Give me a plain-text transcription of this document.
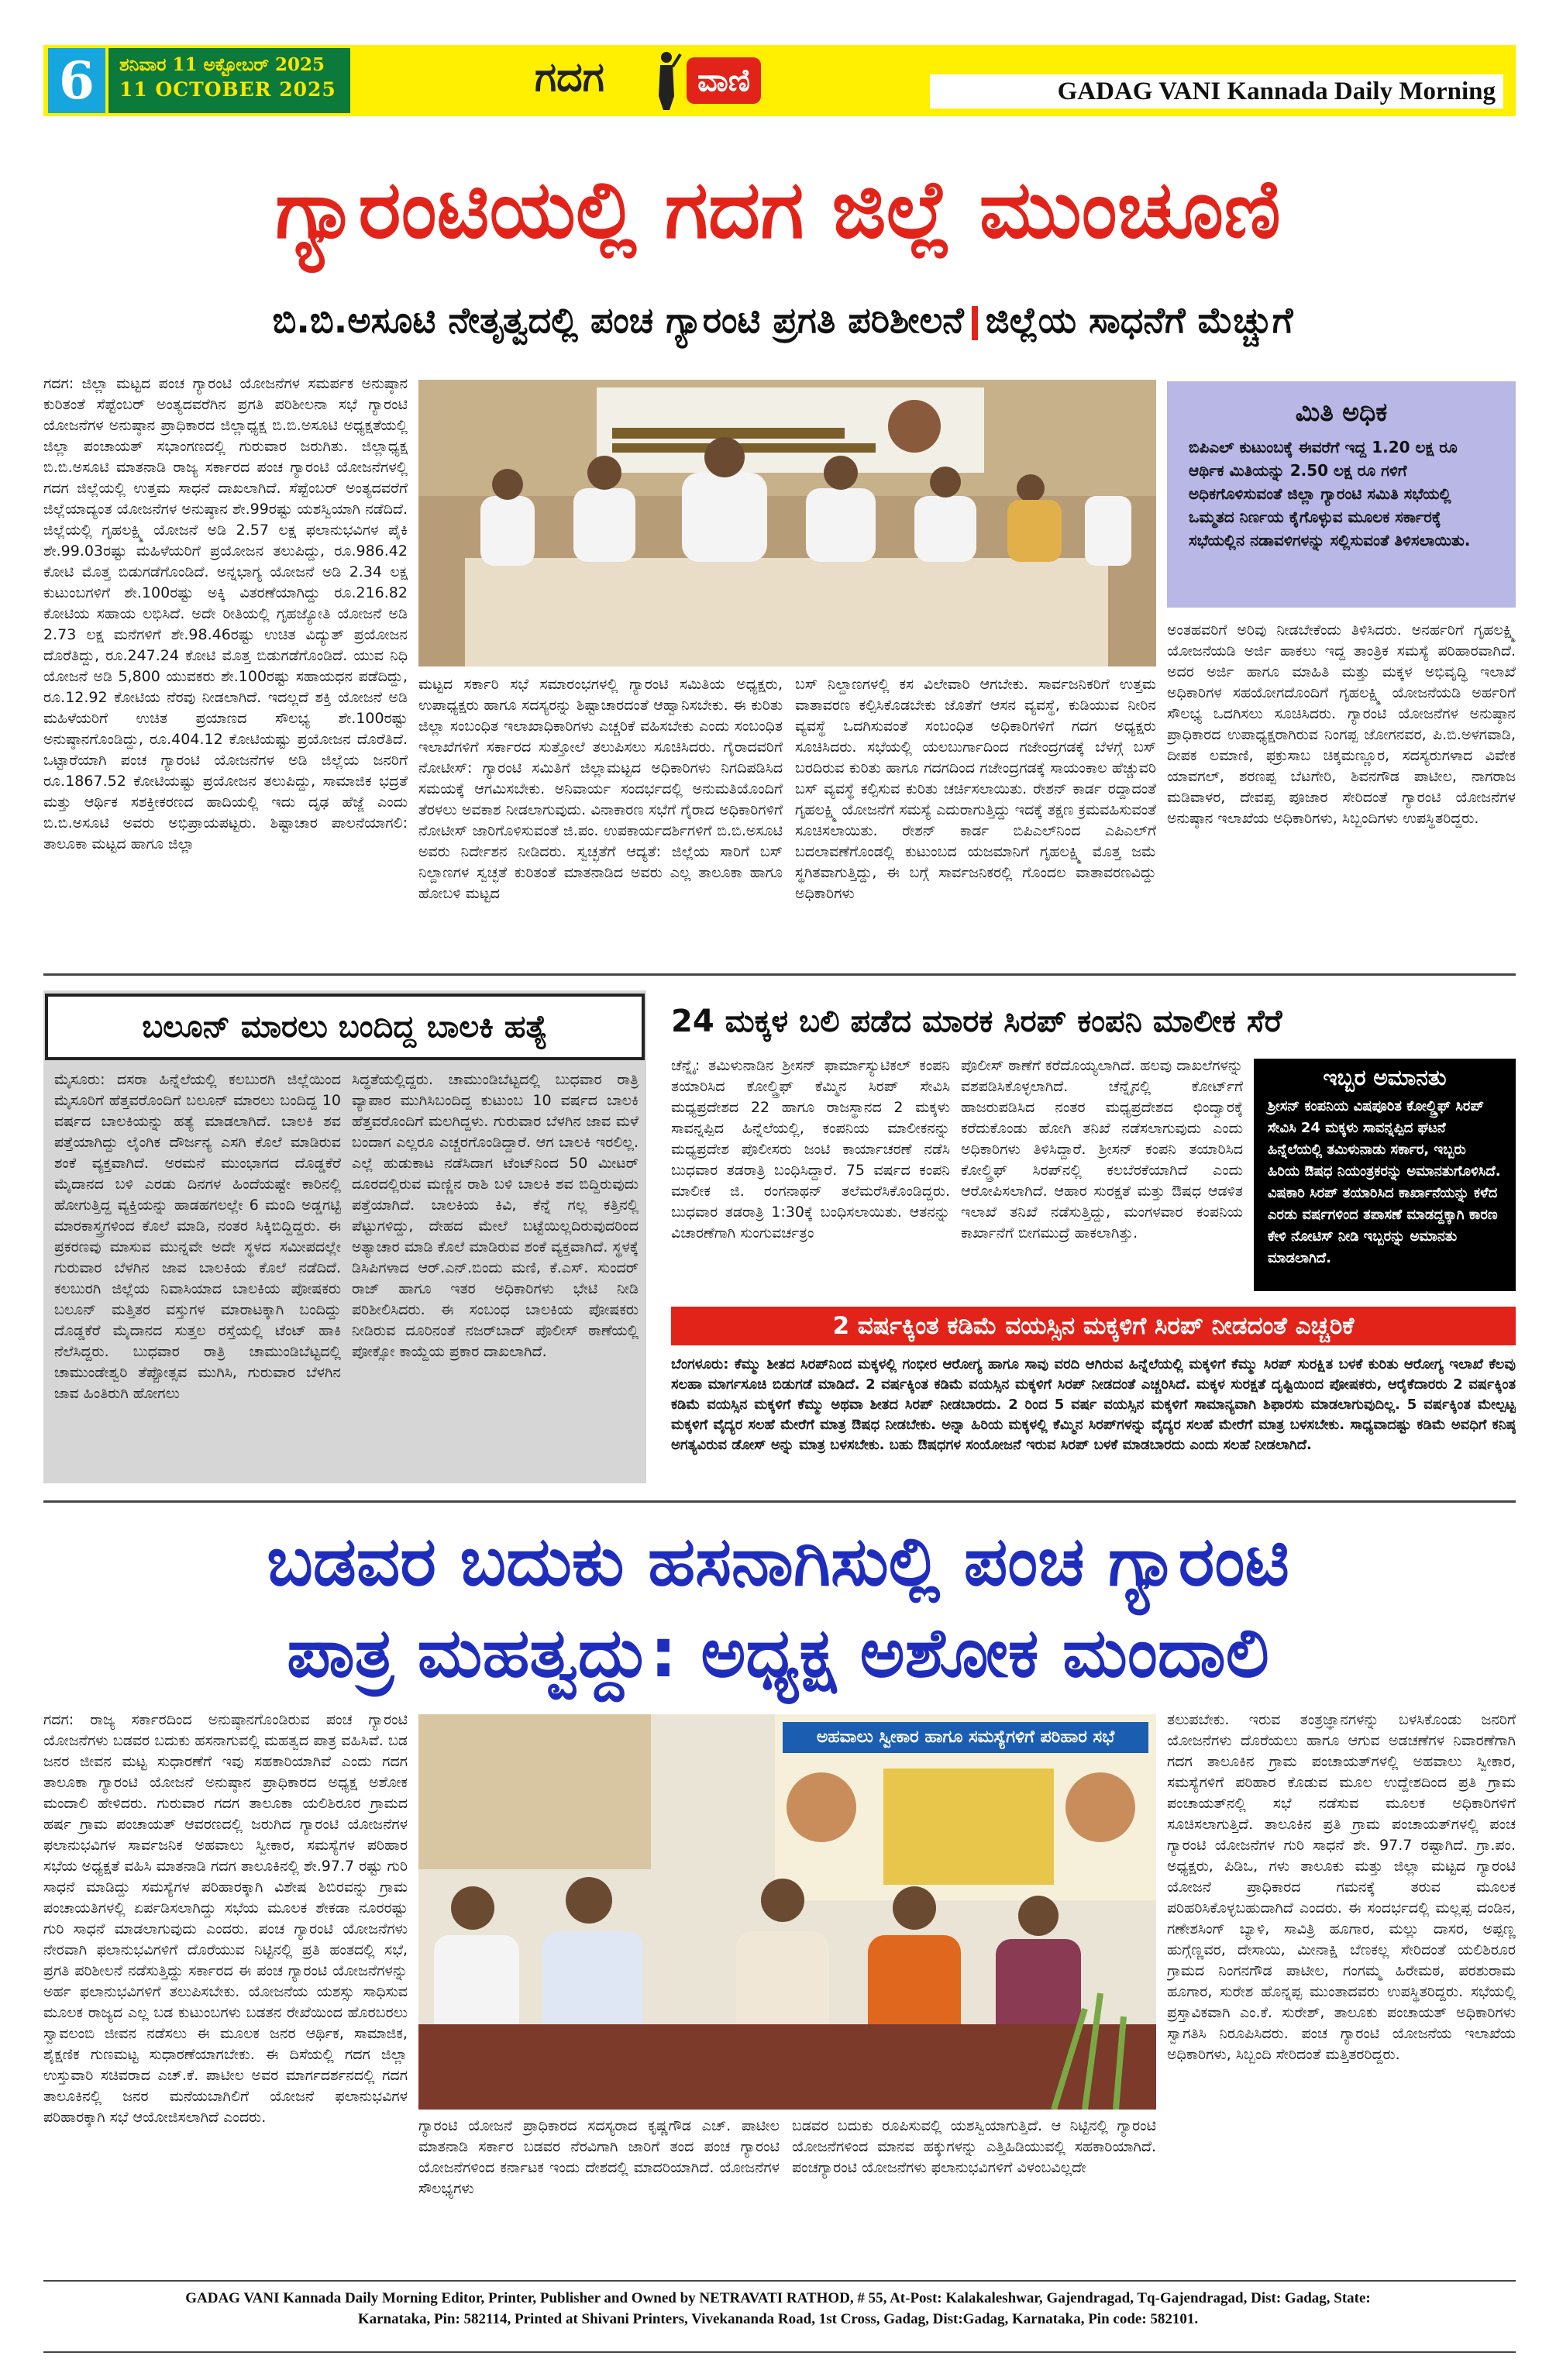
6	ಶನಿವಾರ 11 ಅಕ್ಟೋಬರ್ 2025
11 OCTOBER 2025	ಗದಗ	ವಾಣಿ	GADAG VANI Kannada Daily Morning
ಗ್ಯಾರಂಟಿಯಲ್ಲಿ ಗದಗ ಜಿಲ್ಲೆ ಮುಂಚೂಣಿ
ಬಿ.ಬಿ.ಅಸೂಟಿ ನೇತೃತ್ವದಲ್ಲಿ ಪಂಚ ಗ್ಯಾರಂಟಿ ಪ್ರಗತಿ ಪರಿಶೀಲನೆ ಜಿಲ್ಲೆಯ ಸಾಧನೆಗೆ ಮೆಚ್ಚುಗೆ
ಗದಗ: ಜಿಲ್ಲಾ ಮಟ್ಟದ ಪಂಚ ಗ್ಯಾರಂಟಿ ಯೋಜನೆಗಳ ಸಮರ್ಪಕ ಅನುಷ್ಠಾನ ಕುರಿತಂತೆ ಸೆಪ್ಟೆಂಬರ್ ಅಂತ್ಯದವರೆಗಿನ ಪ್ರಗತಿ ಪರಿಶೀಲನಾ ಸಭೆ ಗ್ಯಾರಂಟಿ ಯೋಜನೆಗಳ ಅನುಷ್ಠಾನ ಪ್ರಾಧಿಕಾರದ ಜಿಲ್ಲಾಧ್ಯಕ್ಷ ಬಿ.ಬಿ.ಅಸೂಟಿ ಅಧ್ಯಕ್ಷತೆಯಲ್ಲಿ ಜಿಲ್ಲಾ ಪಂಚಾಯತ್ ಸಭಾಂಗಣದಲ್ಲಿ ಗುರುವಾರ ಜರುಗಿತು. ಜಿಲ್ಲಾಧ್ಯಕ್ಷ ಬಿ.ಬಿ.ಅಸೂಟಿ ಮಾತನಾಡಿ ರಾಜ್ಯ ಸರ್ಕಾರದ ಪಂಚ ಗ್ಯಾರಂಟಿ ಯೋಜನೆಗಳಲ್ಲಿ ಗದಗ ಜಿಲ್ಲೆಯಲ್ಲಿ ಉತ್ತಮ ಸಾಧನೆ ದಾಖಲಾಗಿದೆ. ಸೆಪ್ಟೆಂಬರ್ ಅಂತ್ಯದವರೆಗೆ ಜಿಲ್ಲೆಯಾದ್ಯಂತ ಯೋಜನೆಗಳ ಅನುಷ್ಠಾನ ಶೇ.99ರಷ್ಟು ಯಶಸ್ವಿಯಾಗಿ ನಡೆದಿದೆ. ಜಿಲ್ಲೆಯಲ್ಲಿ ಗೃಹಲಕ್ಷ್ಮಿ ಯೋಜನೆ ಅಡಿ 2.57 ಲಕ್ಷ ಫಲಾನುಭವಿಗಳ ಪೈಕಿ ಶೇ.99.03ರಷ್ಟು ಮಹಿಳೆಯರಿಗೆ ಪ್ರಯೋಜನ ತಲುಪಿದ್ದು, ರೂ.986.42 ಕೋಟಿ ಮೊತ್ತ ಬಿಡುಗಡೆಗೊಂಡಿದೆ. ಅನ್ನಭಾಗ್ಯ ಯೋಜನೆ ಅಡಿ 2.34 ಲಕ್ಷ ಕುಟುಂಬಗಳಿಗೆ ಶೇ.100ರಷ್ಟು ಅಕ್ಕಿ ವಿತರಣೆಯಾಗಿದ್ದು ರೂ.216.82 ಕೋಟಿಯ ಸಹಾಯ ಲಭಿಸಿದೆ. ಅದೇ ರೀತಿಯಲ್ಲಿ ಗೃಹಜ್ಯೋತಿ ಯೋಜನೆ ಅಡಿ 2.73 ಲಕ್ಷ ಮನೆಗಳಿಗೆ ಶೇ.98.46ರಷ್ಟು ಉಚಿತ ವಿದ್ಯುತ್ ಪ್ರಯೋಜನ ದೊರೆತಿದ್ದು, ರೂ.247.24 ಕೋಟಿ ಮೊತ್ತ ಬಿಡುಗಡೆಗೊಂಡಿದೆ. ಯುವ ನಿಧಿ ಯೋಜನೆ ಅಡಿ 5,800 ಯುವಕರು ಶೇ.100ರಷ್ಟು ಸಹಾಯಧನ ಪಡೆದಿದ್ದು, ರೂ.12.92 ಕೋಟಿಯ ನೆರವು ನೀಡಲಾಗಿದೆ. ಇದಲ್ಲದೆ ಶಕ್ತಿ ಯೋಜನೆ ಅಡಿ ಮಹಿಳೆಯರಿಗೆ ಉಚಿತ ಪ್ರಯಾಣದ ಸೌಲಭ್ಯ ಶೇ.100ರಷ್ಟು ಅನುಷ್ಠಾನಗೊಂಡಿದ್ದು, ರೂ.404.12 ಕೋಟಿಯಷ್ಟು ಪ್ರಯೋಜನ ದೊರೆತಿದೆ. ಒಟ್ಟಾರೆಯಾಗಿ ಪಂಚ ಗ್ಯಾರಂಟಿ ಯೋಜನೆಗಳ ಅಡಿ ಜಿಲ್ಲೆಯ ಜನರಿಗೆ ರೂ.1867.52 ಕೋಟಿಯಷ್ಟು ಪ್ರಯೋಜನ ತಲುಪಿದ್ದು, ಸಾಮಾಜಿಕ ಭದ್ರತೆ ಮತ್ತು ಆರ್ಥಿಕ ಸಶಕ್ತೀಕರಣದ ಹಾದಿಯಲ್ಲಿ ಇದು ದೃಢ ಹೆಜ್ಜೆ ಎಂದು ಬಿ.ಬಿ.ಅಸೂಟಿ ಅವರು ಅಭಿಪ್ರಾಯಪಟ್ಟರು. ಶಿಷ್ಟಾಚಾರ ಪಾಲನೆಯಾಗಲಿ: ತಾಲೂಕಾ ಮಟ್ಟದ ಹಾಗೂ ಜಿಲ್ಲಾ
ಮಿತಿ ಅಧಿಕ
ಬಿಪಿಎಲ್ ಕುಟುಂಬಕ್ಕೆ ಈವರೆಗೆ ಇದ್ದ 1.20 ಲಕ್ಷ ರೂ ಆರ್ಥಿಕ ಮಿತಿಯನ್ನು 2.50 ಲಕ್ಷ ರೂ ಗಳಿಗೆ ಅಧಿಕಗೊಳಿಸುವಂತೆ ಜಿಲ್ಲಾ ಗ್ಯಾರಂಟಿ ಸಮಿತಿ ಸಭೆಯಲ್ಲಿ ಒಮ್ಮತದ ನಿರ್ಣಯ ಕೈಗೊಳ್ಳುವ ಮೂಲಕ ಸರ್ಕಾರಕ್ಕೆ ಸಭೆಯಲ್ಲಿನ ನಡಾವಳಿಗಳನ್ನು ಸಲ್ಲಿಸುವಂತೆ ತಿಳಿಸಲಾಯಿತು.
ಮಟ್ಟದ ಸರ್ಕಾರಿ ಸಭೆ ಸಮಾರಂಭಗಳಲ್ಲಿ ಗ್ಯಾರಂಟಿ ಸಮಿತಿಯ ಅಧ್ಯಕ್ಷರು, ಉಪಾಧ್ಯಕ್ಷರು ಹಾಗೂ ಸದಸ್ಯರನ್ನು ಶಿಷ್ಟಾಚಾರದಂತೆ ಆಹ್ವಾನಿಸಬೇಕು. ಈ ಕುರಿತು ಜಿಲ್ಲಾ ಸಂಬಂಧಿತ ಇಲಾಖಾಧಿಕಾರಿಗಳು ಎಚ್ಚರಿಕೆ ವಹಿಸಬೇಕು ಎಂದು ಸಂಬಂಧಿತ ಇಲಾಖೆಗಳಿಗೆ ಸರ್ಕಾರದ ಸುತ್ತೋಲೆ ತಲುಪಿಸಲು ಸೂಚಿಸಿದರು. ಗೈರಾದವರಿಗೆ ನೋಟೀಸ್: ಗ್ಯಾರಂಟಿ ಸಮಿತಿಗೆ ಜಿಲ್ಲಾಮಟ್ಟದ ಅಧಿಕಾರಿಗಳು ನಿಗದಿಪಡಿಸಿದ ಸಮಯಕ್ಕೆ ಆಗಮಿಸಬೇಕು. ಅನಿವಾರ್ಯ ಸಂದರ್ಭದಲ್ಲಿ ಅನುಮತಿಯೊಂದಿಗೆ ತೆರಳಲು ಅವಕಾಶ ನೀಡಲಾಗುವುದು. ವಿನಾಕಾರಣ ಸಭೆಗೆ ಗೈರಾದ ಅಧಿಕಾರಿಗಳಿಗೆ ನೋಟೀಸ್ ಜಾರಿಗೊಳಿಸುವಂತೆ ಜಿ.ಪಂ. ಉಪಕಾರ್ಯದರ್ಶಿಗಳಿಗೆ ಬಿ.ಬಿ.ಅಸೂಟಿ ಅವರು ನಿರ್ದೇಶನ ನೀಡಿದರು. ಸ್ವಚ್ಛತೆಗೆ ಆದ್ಯತೆ: ಜಿಲ್ಲೆಯ ಸಾರಿಗೆ ಬಸ್ ನಿಲ್ದಾಣಗಳ ಸ್ವಚ್ಛತೆ ಕುರಿತಂತೆ ಮಾತನಾಡಿದ ಅವರು ಎಲ್ಲ ತಾಲೂಕಾ ಹಾಗೂ ಹೋಬಳಿ ಮಟ್ಟದ
ಬಸ್ ನಿಲ್ದಾಣಗಳಲ್ಲಿ ಕಸ ವಿಲೇವಾರಿ ಆಗಬೇಕು. ಸಾರ್ವಜನಿಕರಿಗೆ ಉತ್ತಮ ವಾತಾವರಣ ಕಲ್ಪಿಸಿಕೊಡಬೇಕು ಜೊತೆಗೆ ಆಸನ ವ್ಯವಸ್ಥೆ, ಕುಡಿಯುವ ನೀರಿನ ವ್ಯವಸ್ಥೆ ಒದಗಿಸುವಂತೆ ಸಂಬಂಧಿತ ಅಧಿಕಾರಿಗಳಿಗೆ ಗದಗ ಅಧ್ಯಕ್ಷರು ಸೂಚಿಸಿದರು. ಸಭೆಯಲ್ಲಿ ಯಲಬುರ್ಗಾದಿಂದ ಗಜೇಂದ್ರಗಡಕ್ಕೆ ಬೆಳಗ್ಗೆ ಬಸ್ ಬರದಿರುವ ಕುರಿತು ಹಾಗೂ ಗದಗದಿಂದ ಗಜೇಂದ್ರಗಡಕ್ಕೆ ಸಾಯಂಕಾಲ ಹೆಚ್ಚುವರಿ ಬಸ್ ವ್ಯವಸ್ಥೆ ಕಲ್ಪಿಸುವ ಕುರಿತು ಚರ್ಚಿಸಲಾಯಿತು. ರೇಶನ್ ಕಾರ್ಡ ರದ್ದಾದಂತೆ ಗೃಹಲಕ್ಷ್ಮಿ ಯೋಜನೆಗೆ ಸಮಸ್ಯೆ ಎದುರಾಗುತ್ತಿದ್ದು ಇದಕ್ಕೆ ತಕ್ಷಣ ಕ್ರಮವಹಿಸುವಂತೆ ಸೂಚಿಸಲಾಯಿತು. ರೇಶನ್ ಕಾರ್ಡ ಬಿಪಿಎಲ್‌ನಿಂದ ಎಪಿಎಲ್‌ಗೆ ಬದಲಾವಣೆಗೊಂಡಲ್ಲಿ ಕುಟುಂಬದ ಯಜಮಾನಿಗೆ ಗೃಹಲಕ್ಷ್ಮಿ ಮೊತ್ತ ಜಮೆ ಸ್ಥಗಿತವಾಗುತ್ತಿದ್ದು, ಈ ಬಗ್ಗೆ ಸಾರ್ವಜನಿಕರಲ್ಲಿ ಗೊಂದಲ ವಾತಾವರಣವಿದ್ದು ಅಧಿಕಾರಿಗಳು
ಅಂತಹವರಿಗೆ ಅರಿವು ನೀಡಬೇಕೆಂದು ತಿಳಿಸಿದರು. ಅನರ್ಹರಿಗೆ ಗೃಹಲಕ್ಷ್ಮಿ ಯೋಜನೆಯಡಿ ಅರ್ಜಿ ಹಾಕಲು ಇದ್ದ ತಾಂತ್ರಿಕ ಸಮಸ್ಯೆ ಪರಿಹಾರವಾಗಿದೆ. ಅದರ ಅರ್ಜಿ ಹಾಗೂ ಮಾಹಿತಿ ಮತ್ತು ಮಕ್ಕಳ ಅಭಿವೃದ್ಧಿ ಇಲಾಖೆ ಅಧಿಕಾರಿಗಳ ಸಹಯೋಗದೊಂದಿಗೆ ಗೃಹಲಕ್ಷ್ಮಿ ಯೋಜನೆಯಡಿ ಅರ್ಹರಿಗೆ ಸೌಲಭ್ಯ ಒದಗಿಸಲು ಸೂಚಿಸಿದರು. ಗ್ಯಾರಂಟಿ ಯೋಜನೆಗಳ ಅನುಷ್ಠಾನ ಪ್ರಾಧಿಕಾರದ ಉಪಾಧ್ಯಕ್ಷರಾಗಿರುವ ನಿಂಗಪ್ಪ ಜೋಗನವರ, ಪಿ.ಬಿ.ಅಳಗವಾಡಿ, ದೀಪಕ ಲಮಾಣಿ, ಫಕ್ರುಸಾಬ ಚಿಕ್ಕಮಣ್ಣೂರ, ಸದಸ್ಯರುಗಳಾದ ವಿವೇಕ ಯಾವಗಲ್, ಶರಣಪ್ಪ ಬೆಟಗೇರಿ, ಶಿವನಗೌಡ ಪಾಟೀಲ, ನಾಗರಾಜ ಮಡಿವಾಳರ, ದೇವಪ್ಪ ಪೂಜಾರ ಸೇರಿದಂತೆ ಗ್ಯಾರಂಟಿ ಯೋಜನೆಗಳ ಅನುಷ್ಠಾನ ಇಲಾಖೆಯ ಅಧಿಕಾರಿಗಳು, ಸಿಬ್ಬಂದಿಗಳು ಉಪಸ್ಥಿತರಿದ್ದರು.
ಬಲೂನ್ ಮಾರಲು ಬಂದಿದ್ದ ಬಾಲಕಿ ಹತ್ಯೆ
ಮೈಸೂರು: ದಸರಾ ಹಿನ್ನೆಲೆಯಲ್ಲಿ ಕಲಬುರಗಿ ಜಿಲ್ಲೆಯಿಂದ ಮೈಸೂರಿಗೆ ಹೆತ್ತವರೊಂದಿಗೆ ಬಲೂನ್ ಮಾರಲು ಬಂದಿದ್ದ 10 ವರ್ಷದ ಬಾಲಕಿಯನ್ನು ಹತ್ಯೆ ಮಾಡಲಾಗಿದೆ. ಬಾಲಕಿ ಶವ ಪತ್ತೆಯಾಗಿದ್ದು ಲೈಂಗಿಕ ದೌರ್ಜನ್ಯ ಎಸಗಿ ಕೊಲೆ ಮಾಡಿರುವ ಶಂಕೆ ವ್ಯಕ್ತವಾಗಿದೆ. ಅರಮನೆ ಮುಂಭಾಗದ ದೊಡ್ಡಕೆರೆ ಮೈದಾನದ ಬಳಿ ಎರಡು ದಿನಗಳ ಹಿಂದೆಯಷ್ಟೇ ಕಾರಿನಲ್ಲಿ ಹೋಗುತ್ತಿದ್ದ ವ್ಯಕ್ತಿಯನ್ನು ಹಾಡಹಗಲಲ್ಲೇ 6 ಮಂದಿ ಅಡ್ಡಗಟ್ಟಿ ಮಾರಕಾಸ್ತ್ರಗಳಿಂದ ಕೊಲೆ ಮಾಡಿ, ನಂತರ ಸಿಕ್ಕಿಬಿದ್ದಿದ್ದರು. ಈ ಪ್ರಕರಣವು ಮಾಸುವ ಮುನ್ನವೇ ಅದೇ ಸ್ಥಳದ ಸಮೀಪದಲ್ಲೇ ಗುರುವಾರ ಬೆಳಗಿನ ಜಾವ ಬಾಲಕಿಯ ಕೊಲೆ ನಡೆದಿದೆ. ಕಲಬುರಗಿ ಜಿಲ್ಲೆಯ ನಿವಾಸಿಯಾದ ಬಾಲಕಿಯ ಪೋಷಕರು ಬಲೂನ್ ಮತ್ತಿತರ ವಸ್ತುಗಳ ಮಾರಾಟಕ್ಕಾಗಿ ಬಂದಿದ್ದು ದೊಡ್ಡಕೆರೆ ಮೈದಾನದ ಸುತ್ತಲ ರಸ್ತೆಯಲ್ಲಿ ಟೆಂಟ್ ಹಾಕಿ ನೆಲೆಸಿದ್ದರು. ಬುಧವಾರ ರಾತ್ರಿ ಚಾಮುಂಡಿಬೆಟ್ಟದಲ್ಲಿ ಚಾಮುಂಡೇಶ್ವರಿ ತೆಪ್ಪೋತ್ಸವ ಮುಗಿಸಿ, ಗುರುವಾರ ಬೆಳಗಿನ ಜಾವ ಹಿಂತಿರುಗಿ ಹೋಗಲು
ಸಿದ್ಧತೆಯಲ್ಲಿದ್ದರು. ಚಾಮುಂಡಿಬೆಟ್ಟದಲ್ಲಿ ಬುಧವಾರ ರಾತ್ರಿ ವ್ಯಾಪಾರ ಮುಗಿಸಿಬಂದಿದ್ದ ಕುಟುಂಬ 10 ವರ್ಷದ ಬಾಲಕಿ ಹೆತ್ತವರೊಂದಿಗೆ ಮಲಗಿದ್ದಳು. ಗುರುವಾರ ಬೆಳಗಿನ ಜಾವ ಮಳೆ ಬಂದಾಗ ಎಲ್ಲರೂ ಎಚ್ಚರಗೊಂಡಿದ್ದಾರೆ. ಆಗ ಬಾಲಕಿ ಇರಲಿಲ್ಲ. ಎಲ್ಲೆ ಹುಡುಕಾಟ ನಡೆಸಿದಾಗ ಟೆಂಟ್‌ನಿಂದ 50 ಮೀಟರ್ ದೂರದಲ್ಲಿರುವ ಮಣ್ಣಿನ ರಾಶಿ ಬಳಿ ಬಾಲಕಿ ಶವ ಬಿದ್ದಿರುವುದು ಪತ್ತೆಯಾಗಿದೆ. ಬಾಲಕಿಯ ಕಿವಿ, ಕೆನ್ನೆ ಗಲ್ಲ ಕತ್ತಿನಲ್ಲಿ ಪೆಟ್ಟುಗಳಿದ್ದು, ದೇಹದ ಮೇಲೆ ಬಟ್ಟೆಯಿಲ್ಲದಿರುವುದರಿಂದ ಅತ್ಯಾಚಾರ ಮಾಡಿ ಕೊಲೆ ಮಾಡಿರುವ ಶಂಕೆ ವ್ಯಕ್ತವಾಗಿದೆ. ಸ್ಥಳಕ್ಕೆ ಡಿಸಿಪಿಗಳಾದ ಆರ್.ಎನ್.ಬಿಂದು ಮಣಿ, ಕೆ.ಎಸ್. ಸುಂದರ್ ರಾಜ್ ಹಾಗೂ ಇತರ ಅಧಿಕಾರಿಗಳು ಭೇಟಿ ನೀಡಿ ಪರಿಶೀಲಿಸಿದರು. ಈ ಸಂಬಂಧ ಬಾಲಕಿಯ ಪೋಷಕರು ನೀಡಿರುವ ದೂರಿನಂತೆ ನಜರ್‌ಬಾದ್ ಪೊಲೀಸ್ ಠಾಣೆಯಲ್ಲಿ ಪೋಕ್ಸೋ ಕಾಯ್ದೆಯ ಪ್ರಕಾರ ದಾಖಲಾಗಿದೆ.
24 ಮಕ್ಕಳ ಬಲಿ ಪಡೆದ ಮಾರಕ ಸಿರಪ್ ಕಂಪನಿ ಮಾಲೀಕ ಸೆರೆ
ಚೆನ್ನೈ: ತಮಿಳುನಾಡಿನ ಶ್ರೀಸನ್ ಫಾರ್ಮಾಸ್ಯುಟಿಕಲ್ ಕಂಪನಿ ತಯಾರಿಸಿದ ಕೋಲ್ಡ್ರಿಫ್ ಕೆಮ್ಮಿನ ಸಿರಪ್ ಸೇವಿಸಿ ಮಧ್ಯಪ್ರದೇಶದ 22 ಹಾಗೂ ರಾಜಸ್ಥಾನದ 2 ಮಕ್ಕಳು ಸಾವನ್ನಪ್ಪಿದ ಹಿನ್ನೆಲೆಯಲ್ಲಿ, ಕಂಪನಿಯ ಮಾಲೀಕನನ್ನು ಮಧ್ಯಪ್ರದೇಶ ಪೊಲೀಸರು ಜಂಟಿ ಕಾರ್ಯಾಚರಣೆ ನಡೆಸಿ ಬುಧವಾರ ತಡರಾತ್ರಿ ಬಂಧಿಸಿದ್ದಾರೆ. 75 ವರ್ಷದ ಕಂಪನಿ ಮಾಲೀಕ ಜಿ. ರಂಗನಾಥನ್ ತಲೆಮರೆಸಿಕೊಂಡಿದ್ದರು. ಬುಧವಾರ ತಡರಾತ್ರಿ 1:30ಕ್ಕೆ ಬಂಧಿಸಲಾಯಿತು. ಆತನನ್ನು ವಿಚಾರಣೆಗಾಗಿ ಸುಂಗುವರ್ಚತ್ರಂ
ಪೊಲೀಸ್ ಠಾಣೆಗೆ ಕರೆದೊಯ್ಯಲಾಗಿದೆ. ಹಲವು ದಾಖಲೆಗಳನ್ನು ವಶಪಡಿಸಿಕೊಳ್ಳಲಾಗಿದೆ. ಚೆನ್ನೈನಲ್ಲಿ ಕೋರ್ಟ್‌ಗೆ ಹಾಜರುಪಡಿಸಿದ ನಂತರ ಮಧ್ಯಪ್ರದೇಶದ ಛಿಂದ್ವಾರಕ್ಕೆ ಕರೆದುಕೊಂಡು ಹೋಗಿ ತನಿಖೆ ನಡೆಸಲಾಗುವುದು ಎಂದು ಅಧಿಕಾರಿಗಳು ತಿಳಿಸಿದ್ದಾರೆ. ಶ್ರೀಸನ್ ಕಂಪನಿ ತಯಾರಿಸಿದ ಕೋಲ್ಡ್ರಿಫ್ ಸಿರಪ್‌ನಲ್ಲಿ ಕಲಬೆರಕೆಯಾಗಿದೆ ಎಂದು ಆರೋಪಿಸಲಾಗಿದೆ. ಆಹಾರ ಸುರಕ್ಷತೆ ಮತ್ತು ಔಷಧ ಆಡಳಿತ ಇಲಾಖೆ ತನಿಖೆ ನಡೆಸುತ್ತಿದ್ದು, ಮಂಗಳವಾರ ಕಂಪನಿಯ ಕಾರ್ಖಾನೆಗೆ ಬೀಗಮುದ್ರೆ ಹಾಕಲಾಗಿತ್ತು.
ಇಬ್ಬರ ಅಮಾನತು
ಶ್ರೀಸನ್ ಕಂಪನಿಯ ವಿಷಪೂರಿತ ಕೋಲ್ಡ್ರಿಫ್ ಸಿರಪ್ ಸೇವಿಸಿ 24 ಮಕ್ಕಳು ಸಾವನ್ನಪ್ಪಿದ ಘಟನೆ ಹಿನ್ನೆಲೆಯಲ್ಲಿ ತಮಿಳುನಾಡು ಸರ್ಕಾರ, ಇಬ್ಬರು ಹಿರಿಯ ಔಷಧ ನಿಯಂತ್ರಕರನ್ನು ಅಮಾನತುಗೊಳಿಸಿದೆ. ವಿಷಕಾರಿ ಸಿರಪ್ ತಯಾರಿಸಿದ ಕಾರ್ಖಾನೆಯನ್ನು ಕಳೆದ ಎರಡು ವರ್ಷಗಳಿಂದ ತಪಾಸಣೆ ಮಾಡದ್ದಕ್ಕಾಗಿ ಕಾರಣ ಕೇಳಿ ನೋಟಿಸ್ ನೀಡಿ ಇಬ್ಬರನ್ನು ಅಮಾನತು ಮಾಡಲಾಗಿದೆ.
2 ವರ್ಷಕ್ಕಿಂತ ಕಡಿಮೆ ವಯಸ್ಸಿನ ಮಕ್ಕಳಿಗೆ ಸಿರಪ್ ನೀಡದಂತೆ ಎಚ್ಚರಿಕೆ
ಬೆಂಗಳೂರು: ಕೆಮ್ಮು ಶೀತದ ಸಿರಪ್‌ನಿಂದ ಮಕ್ಕಳಲ್ಲಿ ಗಂಭೀರ ಆರೋಗ್ಯ ಹಾಗೂ ಸಾವು ವರದಿ ಆಗಿರುವ ಹಿನ್ನೆಲೆಯಲ್ಲಿ ಮಕ್ಕಳಿಗೆ ಕೆಮ್ಮು ಸಿರಪ್ ಸುರಕ್ಷಿತ ಬಳಕೆ ಕುರಿತು ಆರೋಗ್ಯ ಇಲಾಖೆ ಕೆಲವು ಸಲಹಾ ಮಾರ್ಗಸೂಚಿ ಬಿಡುಗಡೆ ಮಾಡಿದೆ. 2 ವರ್ಷಕ್ಕಿಂತ ಕಡಿಮೆ ವಯಸ್ಸಿನ ಮಕ್ಕಳಿಗೆ ಸಿರಪ್ ನೀಡದಂತೆ ಎಚ್ಚರಿಸಿದೆ. ಮಕ್ಕಳ ಸುರಕ್ಷತೆ ದೃಷ್ಟಿಯಿಂದ ಪೋಷಕರು, ಆರೈಕೆದಾರರು 2 ವರ್ಷಕ್ಕಿಂತ ಕಡಿಮೆ ವಯಸ್ಸಿನ ಮಕ್ಕಳಿಗೆ ಕೆಮ್ಮು ಅಥವಾ ಶೀತದ ಸಿರಪ್ ನೀಡಬಾರದು. 2 ರಿಂದ 5 ವರ್ಷ ವಯಸ್ಸಿನ ಮಕ್ಕಳಿಗೆ ಸಾಮಾನ್ಯವಾಗಿ ಶಿಫಾರಸು ಮಾಡಲಾಗುವುದಿಲ್ಲ. 5 ವರ್ಷಕ್ಕಿಂತ ಮೇಲ್ಪಟ್ಟ ಮಕ್ಕಳಿಗೆ ವೈದ್ಯರ ಸಲಹೆ ಮೇರೆಗೆ ಮಾತ್ರ ಔಷಧ ನೀಡಬೇಕು. ಅನ್ನಾ ಹಿರಿಯ ಮಕ್ಕಳಲ್ಲಿ ಕೆಮ್ಮಿನ ಸಿರಪ್‌ಗಳನ್ನು ವೈದ್ಯರ ಸಲಹೆ ಮೇರೆಗೆ ಮಾತ್ರ ಬಳಸಬೇಕು. ಸಾಧ್ಯವಾದಷ್ಟು ಕಡಿಮೆ ಅವಧಿಗೆ ಕನಿಷ್ಠ ಅಗತ್ಯವಿರುವ ಡೋಸ್ ಅನ್ನು ಮಾತ್ರ ಬಳಸಬೇಕು. ಬಹು ಔಷಧಗಳ ಸಂಯೋಜನೆ ಇರುವ ಸಿರಪ್ ಬಳಕೆ ಮಾಡಬಾರದು ಎಂದು ಸಲಹೆ ನೀಡಲಾಗಿದೆ.
ಬಡವರ ಬದುಕು ಹಸನಾಗಿಸುಲ್ಲಿ ಪಂಚ ಗ್ಯಾರಂಟಿ
ಪಾತ್ರ ಮಹತ್ವದ್ದು: ಅಧ್ಯಕ್ಷ ಅಶೋಕ ಮಂದಾಲಿ
ಗದಗ: ರಾಜ್ಯ ಸರ್ಕಾರದಿಂದ ಅನುಷ್ಠಾನಗೊಂಡಿರುವ ಪಂಚ ಗ್ಯಾರಂಟಿ ಯೋಜನೆಗಳು ಬಡವರ ಬದುಕು ಹಸನಾಗುವಲ್ಲಿ ಮಹತ್ವದ ಪಾತ್ರ ವಹಿಸಿವೆ. ಬಡ ಜನರ ಜೀವನ ಮಟ್ಟ ಸುಧಾರಣೆಗೆ ಇವು ಸಹಕಾರಿಯಾಗಿವೆ ಎಂದು ಗದಗ ತಾಲೂಕಾ ಗ್ಯಾರಂಟಿ ಯೋಜನೆ ಅನುಷ್ಠಾನ ಪ್ರಾಧಿಕಾರದ ಅಧ್ಯಕ್ಷ ಅಶೋಕ ಮಂದಾಲಿ ಹೇಳಿದರು. ಗುರುವಾರ ಗದಗ ತಾಲೂಕಾ ಯಲಿಶಿರೂರ ಗ್ರಾಮದ ಹರ್ಷ ಗ್ರಾಮ ಪಂಚಾಯತ್ ಆವರಣದಲ್ಲಿ ಜರುಗಿದ ಗ್ಯಾರಂಟಿ ಯೋಜನೆಗಳ ಫಲಾನುಭವಿಗಳ ಸಾರ್ವಜನಿಕ ಅಹವಾಲು ಸ್ವೀಕಾರ, ಸಮಸ್ಯೆಗಳ ಪರಿಹಾರ ಸಭೆಯ ಅಧ್ಯಕ್ಷತೆ ವಹಿಸಿ ಮಾತನಾಡಿ ಗದಗ ತಾಲೂಕಿನಲ್ಲಿ ಶೇ.97.7 ರಷ್ಟು ಗುರಿ ಸಾಧನೆ ಮಾಡಿದ್ದು ಸಮಸ್ಯೆಗಳ ಪರಿಹಾರಕ್ಕಾಗಿ ವಿಶೇಷ ಶಿಬಿರವನ್ನು ಗ್ರಾಮ ಪಂಚಾಯತಿಗಳಲ್ಲಿ ಏರ್ಪಡಿಸಲಾಗಿದ್ದು ಸಭೆಯ ಮೂಲಕ ಶೇಕಡಾ ನೂರರಷ್ಟು ಗುರಿ ಸಾಧನೆ ಮಾಡಲಾಗುವುದು ಎಂದರು. ಪಂಚ ಗ್ಯಾರಂಟಿ ಯೋಜನೆಗಳು ನೇರವಾಗಿ ಫಲಾನುಭವಿಗಳಿಗೆ ದೊರೆಯುವ ನಿಟ್ಟಿನಲ್ಲಿ ಪ್ರತಿ ಹಂತದಲ್ಲಿ ಸಭೆ, ಪ್ರಗತಿ ಪರಿಶೀಲನೆ ನಡೆಸುತ್ತಿದ್ದು ಸರ್ಕಾರದ ಈ ಪಂಚ ಗ್ಯಾರಂಟಿ ಯೋಜನೆಗಳನ್ನು ಅರ್ಹ ಫಲಾನುಭವಿಗಳಿಗೆ ತಲುಪಿಸಬೇಕು. ಯೋಜನೆಯ ಯಶಸ್ಸು ಸಾಧಿಸುವ ಮೂಲಕ ರಾಜ್ಯದ ಎಲ್ಲ ಬಡ ಕುಟುಂಬಗಳು ಬಡತನ ರೇಖೆಯಿಂದ ಹೊರಬರಲು ಸ್ವಾವಲಂಬಿ ಜೀವನ ನಡೆಸಲು ಈ ಮೂಲಕ ಜನರ ಆರ್ಥಿಕ, ಸಾಮಾಜಿಕ, ಶೈಕ್ಷಣಿಕ ಗುಣಮಟ್ಟ ಸುಧಾರಣೆಯಾಗಬೇಕು. ಈ ದಿಸೆಯಲ್ಲಿ ಗದಗ ಜಿಲ್ಲಾ ಉಸ್ತುವಾರಿ ಸಚಿವರಾದ ಎಚ್.ಕೆ. ಪಾಟೀಲ ಅವರ ಮಾರ್ಗದರ್ಶನದಲ್ಲಿ ಗದಗ ತಾಲೂಕಿನಲ್ಲಿ ಜನರ ಮನೆಯಬಾಗಿಲಿಗೆ ಯೋಜನೆ ಫಲಾನುಭವಿಗಳ ಪರಿಹಾರಕ್ಕಾಗಿ ಸಭೆ ಆಯೋಜಿಸಲಾಗಿದೆ ಎಂದರು.
ಅಹವಾಲು ಸ್ವೀಕಾರ ಹಾಗೂ ಸಮಸ್ಯೆಗಳಿಗೆ ಪರಿಹಾರ ಸಭೆ
ಗ್ಯಾರಂಟಿ ಯೋಜನೆ ಪ್ರಾಧಿಕಾರದ ಸದಸ್ಯರಾದ ಕೃಷ್ಣಗೌಡ ಎಚ್. ಪಾಟೀಲ ಮಾತನಾಡಿ ಸರ್ಕಾರ ಬಡವರ ನೆರವಿಗಾಗಿ ಜಾರಿಗೆ ತಂದ ಪಂಚ ಗ್ಯಾರಂಟಿ ಯೋಜನೆಗಳಿಂದ ಕರ್ನಾಟಕ ಇಂದು ದೇಶದಲ್ಲಿ ಮಾದರಿಯಾಗಿದೆ. ಯೋಜನೆಗಳ ಸೌಲಭ್ಯಗಳು
ಬಡವರ ಬದುಕು ರೂಪಿಸುವಲ್ಲಿ ಯಶಸ್ವಿಯಾಗುತ್ತಿದೆ. ಆ ನಿಟ್ಟಿನಲ್ಲಿ ಗ್ಯಾರಂಟಿ ಯೋಜನೆಗಳಿಂದ ಮಾನವ ಹಕ್ಕುಗಳನ್ನು ಎತ್ತಿಹಿಡಿಯುವಲ್ಲಿ ಸಹಕಾರಿಯಾಗಿದೆ. ಪಂಚಗ್ಯಾರಂಟಿ ಯೋಜನೆಗಳು ಫಲಾನುಭವಿಗಳಿಗೆ ವಿಳಂಬವಿಲ್ಲದೇ
ತಲುಪಬೇಕು. ಇರುವ ತಂತ್ರಜ್ಞಾನಗಳನ್ನು ಬಳಸಿಕೊಂಡು ಜನರಿಗೆ ಯೋಜನೆಗಳು ದೊರೆಯಲು ಹಾಗೂ ಆಗುವ ಅಡಚಣೆಗಳ ನಿವಾರಣೆಗಾಗಿ ಗದಗ ತಾಲೂಕಿನ ಗ್ರಾಮ ಪಂಚಾಯತ್‌ಗಳಲ್ಲಿ ಅಹವಾಲು ಸ್ವೀಕಾರ, ಸಮಸ್ಯೆಗಳಿಗೆ ಪರಿಹಾರ ಕೊಡುವ ಮೂಲ ಉದ್ದೇಶದಿಂದ ಪ್ರತಿ ಗ್ರಾಮ ಪಂಚಾಯತ್‌ನಲ್ಲಿ ಸಭೆ ನಡೆಸುವ ಮೂಲಕ ಅಧಿಕಾರಿಗಳಿಗೆ ಸೂಚಿಸಲಾಗುತ್ತಿದೆ. ತಾಲೂಕಿನ ಪ್ರತಿ ಗ್ರಾಮ ಪಂಚಾಯತ್‌ಗಳಲ್ಲಿ ಪಂಚ ಗ್ಯಾರಂಟಿ ಯೋಜನೆಗಳ ಗುರಿ ಸಾಧನೆ ಶೇ. 97.7 ರಷ್ಟಾಗಿದೆ. ಗ್ರಾ.ಪಂ. ಅಧ್ಯಕ್ಷರು, ಪಿಡಿಒ, ಗಳು ತಾಲೂಕು ಮತ್ತು ಜಿಲ್ಲಾ ಮಟ್ಟದ ಗ್ಯಾರಂಟಿ ಯೋಜನೆ ಪ್ರಾಧಿಕಾರದ ಗಮನಕ್ಕೆ ತರುವ ಮೂಲಕ ಪರಿಹರಿಸಿಕೊಳ್ಳಬಹುದಾಗಿದೆ ಎಂದರು. ಈ ಸಂದರ್ಭದಲ್ಲಿ ಮಲ್ಲಪ್ಪ ದಂಡಿನ, ಗಣೇಶಸಿಂಗ್ ಬ್ಯಾಳಿ, ಸಾವಿತ್ರಿ ಹೂಗಾರ, ಮಲ್ಲು ದಾಸರ, ಅಪ್ಪಣ್ಣ ಹುಗ್ಗೆಣ್ಣವರ, ದೇಸಾಯಿ, ಮೀನಾಕ್ಷಿ ಬೆಣಕಲ್ಲ ಸೇರಿದಂತೆ ಯಲಿಶಿರೂರ ಗ್ರಾಮದ ನಿಂಗನಗೌಡ ಪಾಟೀಲ, ಗಂಗಮ್ಮ ಹಿರೇಮಠ, ಪರಶುರಾಮ ಹೂಗಾರ, ಸುರೇಶ ಹೊನ್ನಪ್ಪ ಮುಂತಾದವರು ಉಪಸ್ಥಿತರಿದ್ದರು. ಸಭೆಯಲ್ಲಿ ಪ್ರಸ್ತಾವಿಕವಾಗಿ ಎಂ.ಕೆ. ಸುರೇಶ್, ತಾಲೂಕು ಪಂಚಾಯತ್ ಅಧಿಕಾರಿಗಳು ಸ್ವಾಗತಿಸಿ ನಿರೂಪಿಸಿದರು. ಪಂಚ ಗ್ಯಾರಂಟಿ ಯೋಜನೆಯ ಇಲಾಖೆಯ ಅಧಿಕಾರಿಗಳು, ಸಿಬ್ಬಂದಿ ಸೇರಿದಂತೆ ಮತ್ತಿತರರಿದ್ದರು.
GADAG VANI Kannada Daily Morning Editor, Printer, Publisher and Owned by NETRAVATI RATHOD, # 55, At-Post: Kalakaleshwar, Gajendragad, Tq-Gajendragad, Dist: Gadag, State:
Karnataka, Pin: 582114, Printed at Shivani Printers, Vivekananda Road, 1st Cross, Gadag, Dist:Gadag, Karnataka, Pin code: 582101.
